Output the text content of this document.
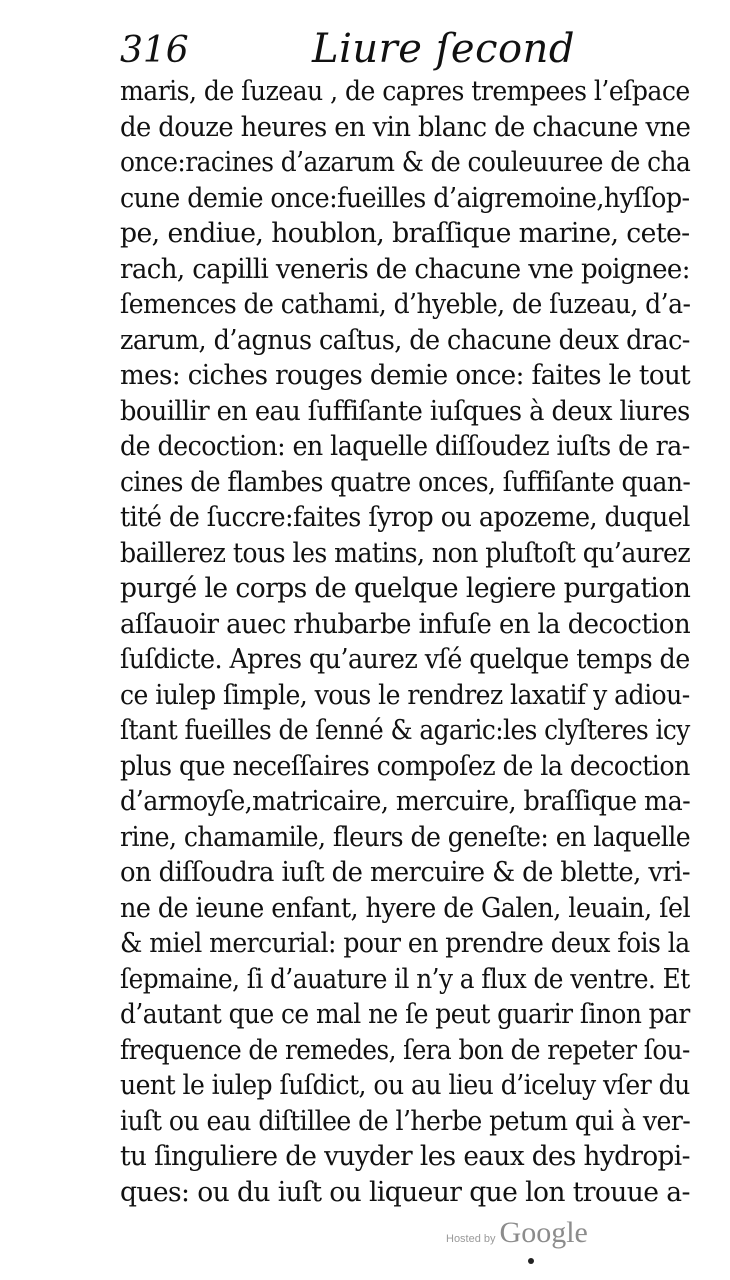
316	Liure ſecond
maris, de ſuzeau , de capres trempees l’eſpace
de douze heures en vin blanc de chacune vne
once:racines d’azarum & de couleuuree de cha
cune demie once:fueilles d’aigremoine,hyſſop-
pe, endiue, houblon, braſſique marine, cete-
rach, capilli veneris de chacune vne poignee:
ſemences de cathami, d’hyeble, de ſuzeau, d’a-
zarum, d’agnus caſtus, de chacune deux drac-
mes: ciches rouges demie once: faites le tout
bouillir en eau ſuffiſante iuſques à deux liures
de decoction: en laquelle diſſoudez iuſts de ra-
cines de flambes quatre onces, ſuffiſante quan-
tité de ſuccre:faites ſyrop ou apozeme, duquel
baillerez tous les matins, non pluſtoſt qu’aurez
purgé le corps de quelque legiere purgation
aſſauoir auec rhubarbe infuſe en la decoction
ſuſdicte. Apres qu’aurez vſé quelque temps de
ce iulep ſimple, vous le rendrez laxatif y adiou-
ſtant fueilles de ſenné & agaric:les clyſteres icy
plus que neceſſaires compoſez de la decoction
d’armoyſe,matricaire, mercuire, braſſique ma-
rine, chamamile, fleurs de geneſte: en laquelle
on diſſoudra iuſt de mercuire & de blette, vri-
ne de ieune enfant, hyere de Galen, leuain, ſel
& miel mercurial: pour en prendre deux fois la
ſepmaine, ſi d’auature il n’y a flux de ventre. Et
d’autant que ce mal ne ſe peut guarir ſinon par
frequence de remedes, ſera bon de repeter ſou-
uent le iulep ſuſdict, ou au lieu d’iceluy vſer du
iuſt ou eau diſtillee de l’herbe petum qui à ver-
tu ſinguliere de vuyder les eaux des hydropi-
ques: ou du iuſt ou liqueur que lon trouue a-
Hosted by Google
